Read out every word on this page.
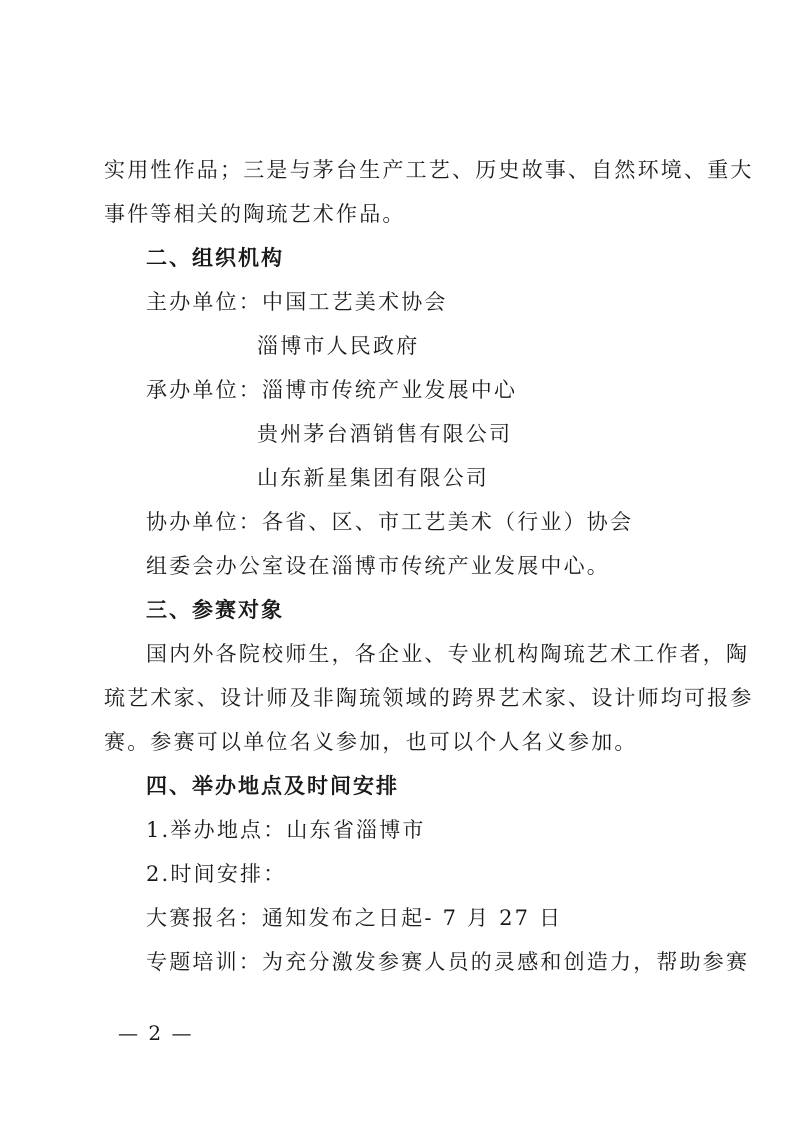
实用性作品；三是与茅台生产工艺、历史故事、自然环境、重大
事件等相关的陶琉艺术作品。
二、组织机构
主办单位：中国工艺美术协会
淄博市人民政府
承办单位：淄博市传统产业发展中心
贵州茅台酒销售有限公司
山东新星集团有限公司
协办单位：各省、区、市工艺美术（行业）协会
组委会办公室设在淄博市传统产业发展中心。
三、参赛对象
国内外各院校师生，各企业、专业机构陶琉艺术工作者，陶
琉艺术家、设计师及非陶琉领域的跨界艺术家、设计师均可报参
赛。参赛可以单位名义参加，也可以个人名义参加。
四、举办地点及时间安排
1.举办地点：山东省淄博市
2.时间安排：
大赛报名：通知发布之日起- 7 月 27 日
专题培训：为充分激发参赛人员的灵感和创造力，帮助参赛
— 2 —
